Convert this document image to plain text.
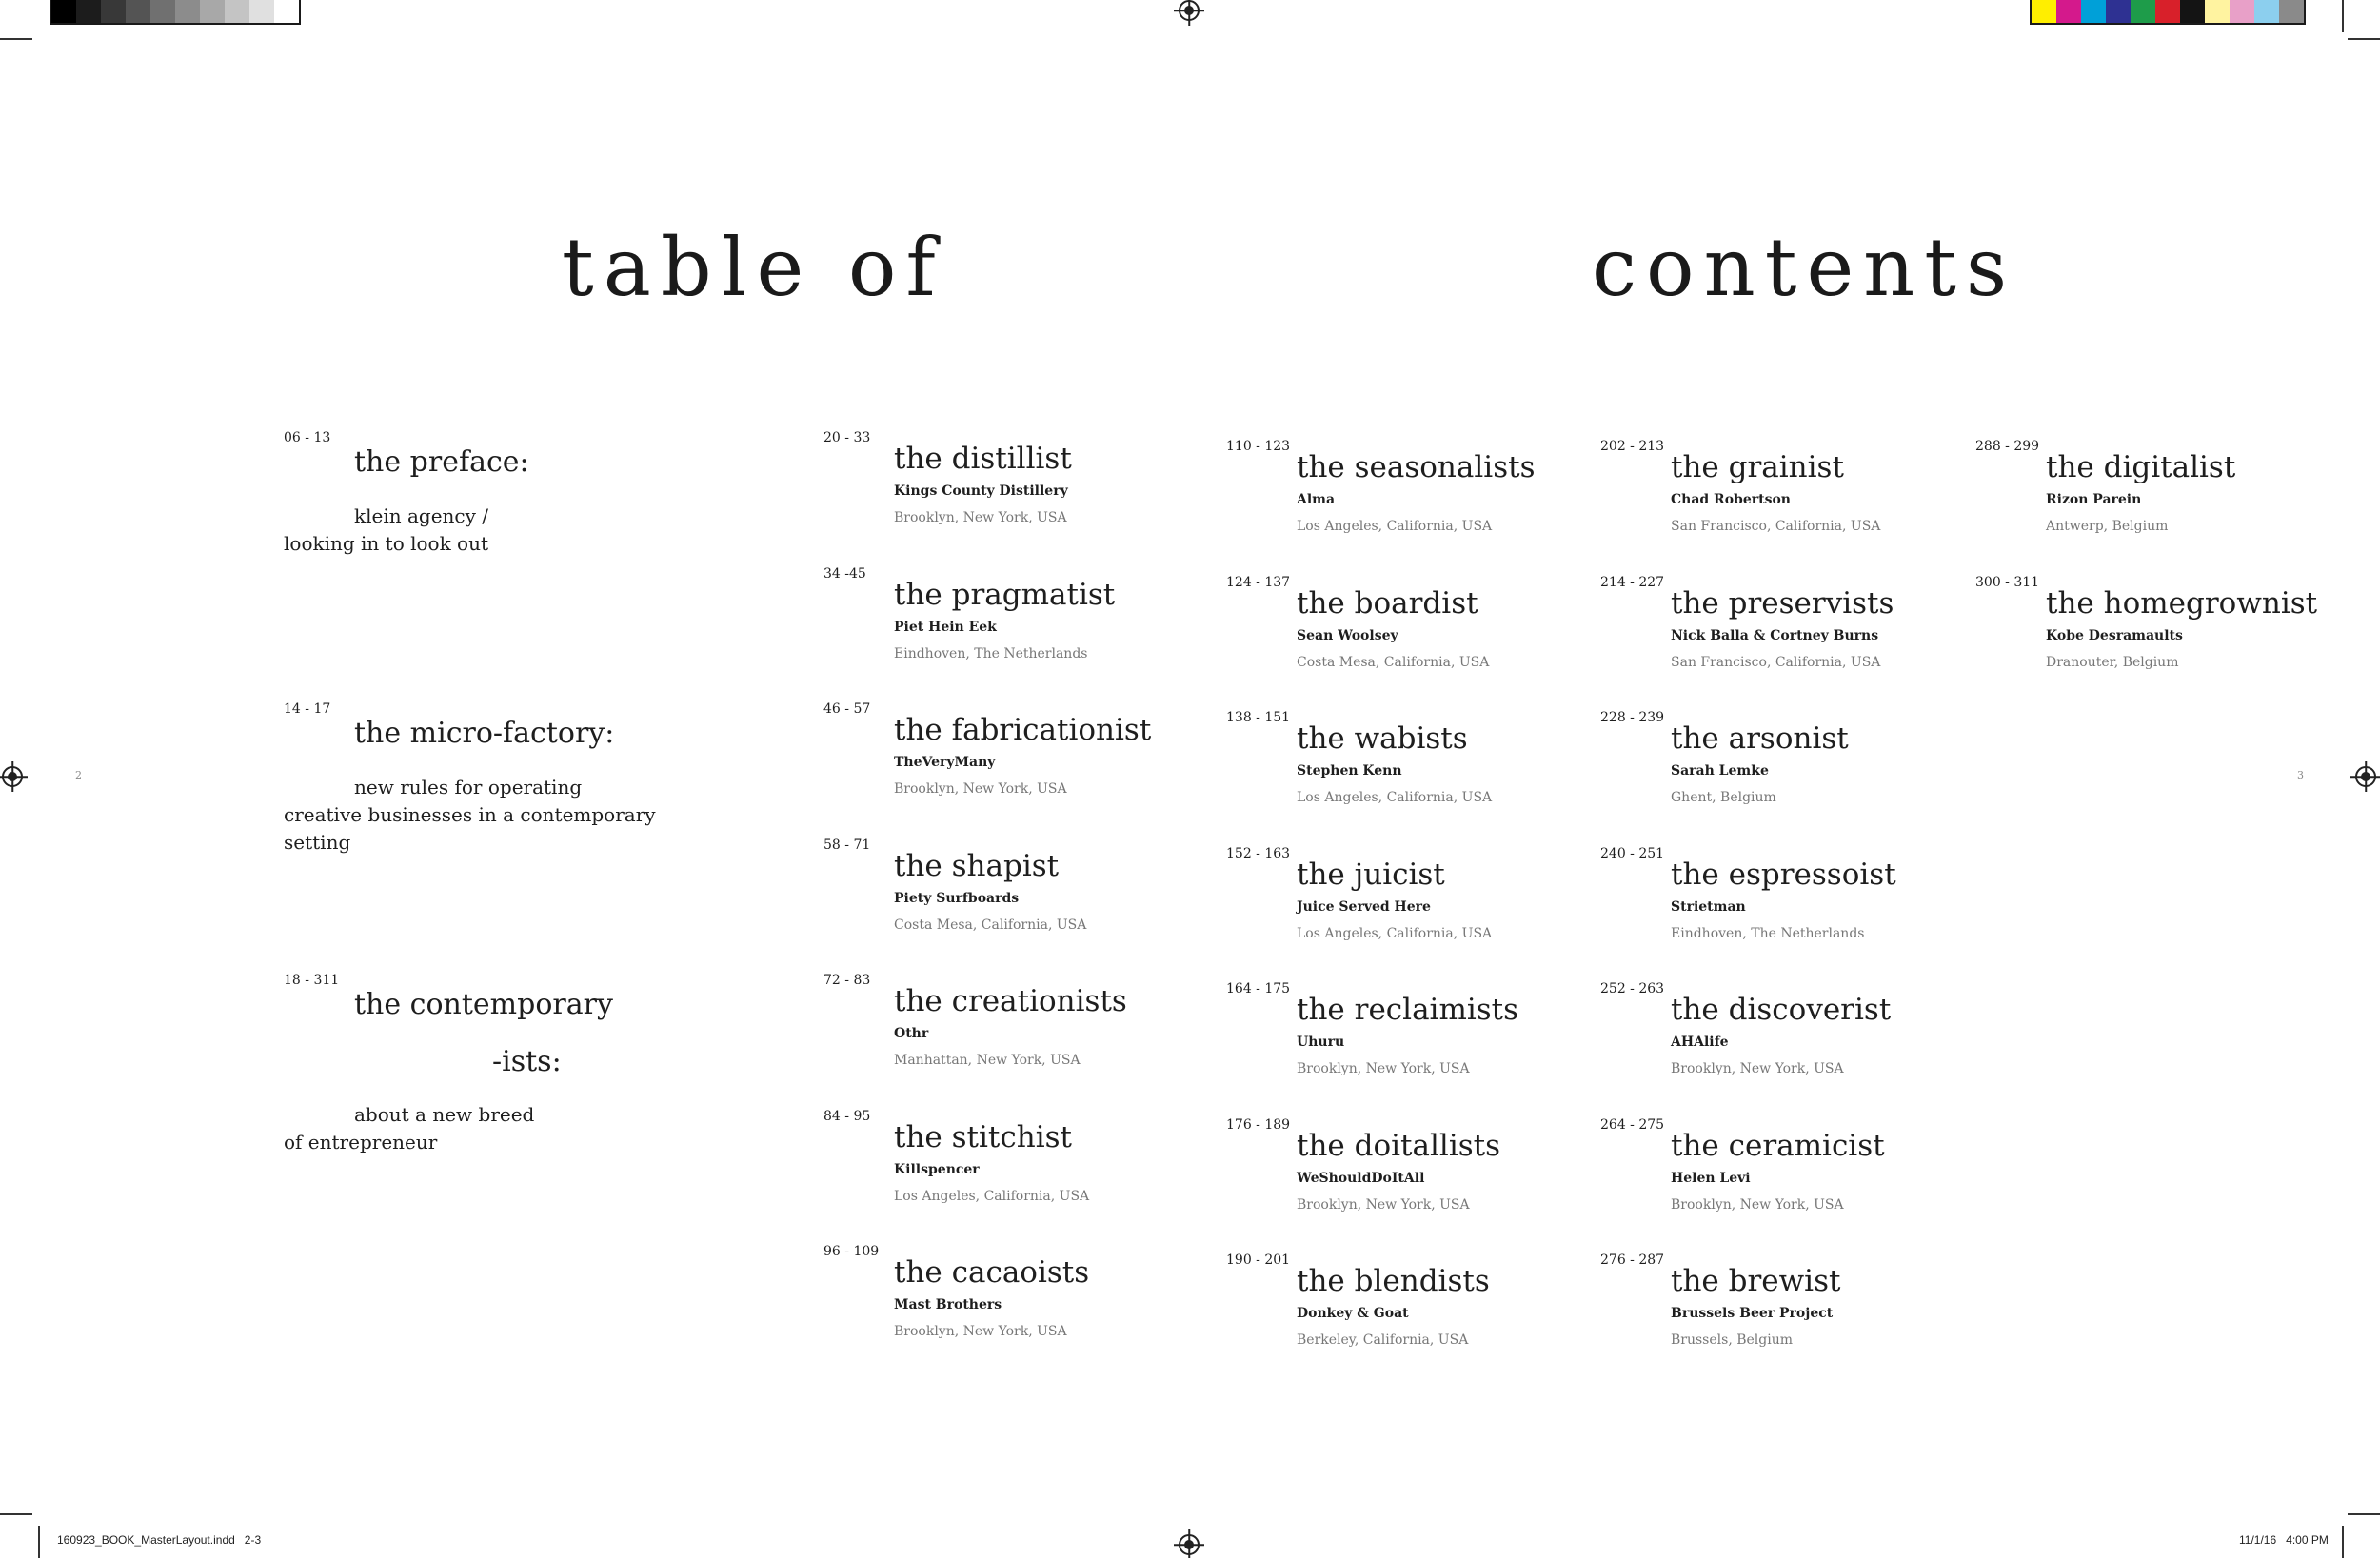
2	3
table of	contents
06 - 13
the preface:
klein agency / looking in to look out
14 - 17
the micro-factory:
new rules for operating creative businesses in a contemporary setting
18 - 311
the contemporary
-ists:
about a new breed of entrepreneur
20 - 33
the distillist
Kings County Distillery
Brooklyn, New York, USA
34 -45
the pragmatist
Piet Hein Eek
Eindhoven, The Netherlands
46 - 57
the fabricationist
TheVeryMany
Brooklyn, New York, USA
58 - 71
the shapist
Piety Surfboards
Costa Mesa, California, USA
72 - 83
the creationists
Othr
Manhattan, New York, USA
84 - 95
the stitchist
Killspencer
Los Angeles, California, USA
96 - 109
the cacaoists
Mast Brothers
Brooklyn, New York, USA
110 - 123
the seasonalists
Alma
Los Angeles, California, USA
124 - 137
the boardist
Sean Woolsey
Costa Mesa, California, USA
138 - 151
the wabists
Stephen Kenn
Los Angeles, California, USA
152 - 163
the juicist
Juice Served Here
Los Angeles, California, USA
164 - 175
the reclaimists
Uhuru
Brooklyn, New York, USA
176 - 189
the doitallists
WeShouldDoItAll
Brooklyn, New York, USA
190 - 201
the blendists
Donkey & Goat
Berkeley, California, USA
202 - 213
the grainist
Chad Robertson
San Francisco, California, USA
214 - 227
the preservists
Nick Balla & Cortney Burns
San Francisco, California, USA
228 - 239
the arsonist
Sarah Lemke
Ghent, Belgium
240 - 251
the espressoist
Strietman
Eindhoven, The Netherlands
252 - 263
the discoverist
AHAlife
Brooklyn, New York, USA
264 - 275
the ceramicist
Helen Levi
Brooklyn, New York, USA
276 - 287
the brewist
Brussels Beer Project
Brussels, Belgium
288 - 299
the digitalist
Rizon Parein
Antwerp, Belgium
300 - 311
the homegrownist
Kobe Desramaults
Dranouter, Belgium
160923_BOOK_MasterLayout.indd   2-3	11/1/16   4:00 PM
